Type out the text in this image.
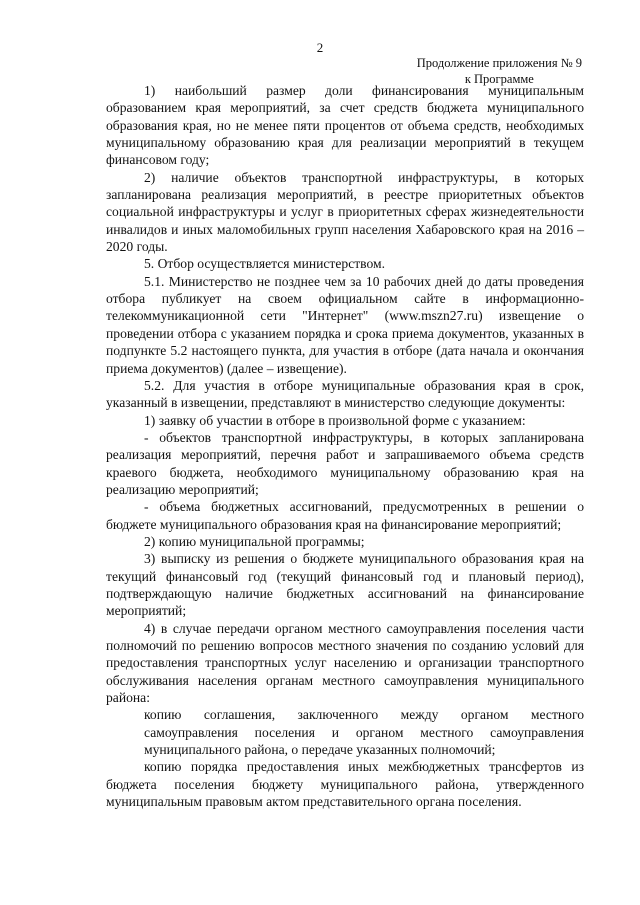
2
Продолжение приложения № 9
к Программе

1) наибольший размер доли финансирования муниципальным образованием края мероприятий, за счет средств бюджета муниципального образования края, но не менее пяти процентов от объема средств, необходимых муниципальному образованию края для реализации мероприятий в текущем финансовом году;

2) наличие объектов транспортной инфраструктуры, в которых запланирована реализация мероприятий, в реестре приоритетных объектов социальной инфраструктуры и услуг в приоритетных сферах жизнедеятельности инвалидов и иных маломобильных групп населения Хабаровского края на 2016 – 2020 годы.

5. Отбор осуществляется министерством.

5.1. Министерство не позднее чем за 10 рабочих дней до даты проведения отбора публикует на своем официальном сайте в информационно-телекоммуникационной сети "Интернет" (www.mszn27.ru) извещение о проведении отбора с указанием порядка и срока приема документов, указанных в подпункте 5.2 настоящего пункта, для участия в отборе (дата начала и окончания приема документов) (далее – извещение).

5.2. Для участия в отборе муниципальные образования края в срок, указанный в извещении, представляют в министерство следующие документы:

1) заявку об участии в отборе в произвольной форме с указанием:

- объектов транспортной инфраструктуры, в которых запланирована реализация мероприятий, перечня работ и запрашиваемого объема средств краевого бюджета, необходимого муниципальному образованию края на реализацию мероприятий;

- объема бюджетных ассигнований, предусмотренных в решении о бюджете муниципального образования края на финансирование мероприятий;

2) копию муниципальной программы;

3) выписку из решения о бюджете муниципального образования края на текущий финансовый год (текущий финансовый год и плановый период), подтверждающую наличие бюджетных ассигнований на финансирование мероприятий;

4) в случае передачи органом местного самоуправления поселения части полномочий по решению вопросов местного значения по созданию условий для предоставления транспортных услуг населению и организации транспортного обслуживания населения органам местного самоуправления муниципального района:

копию соглашения, заключенного между органом местного самоуправления поселения и органом местного самоуправления муниципального района, о передаче указанных полномочий;

копию порядка предоставления иных межбюджетных трансфертов из бюджета поселения бюджету муниципального района, утвержденного муниципальным правовым актом представительного органа поселения.
